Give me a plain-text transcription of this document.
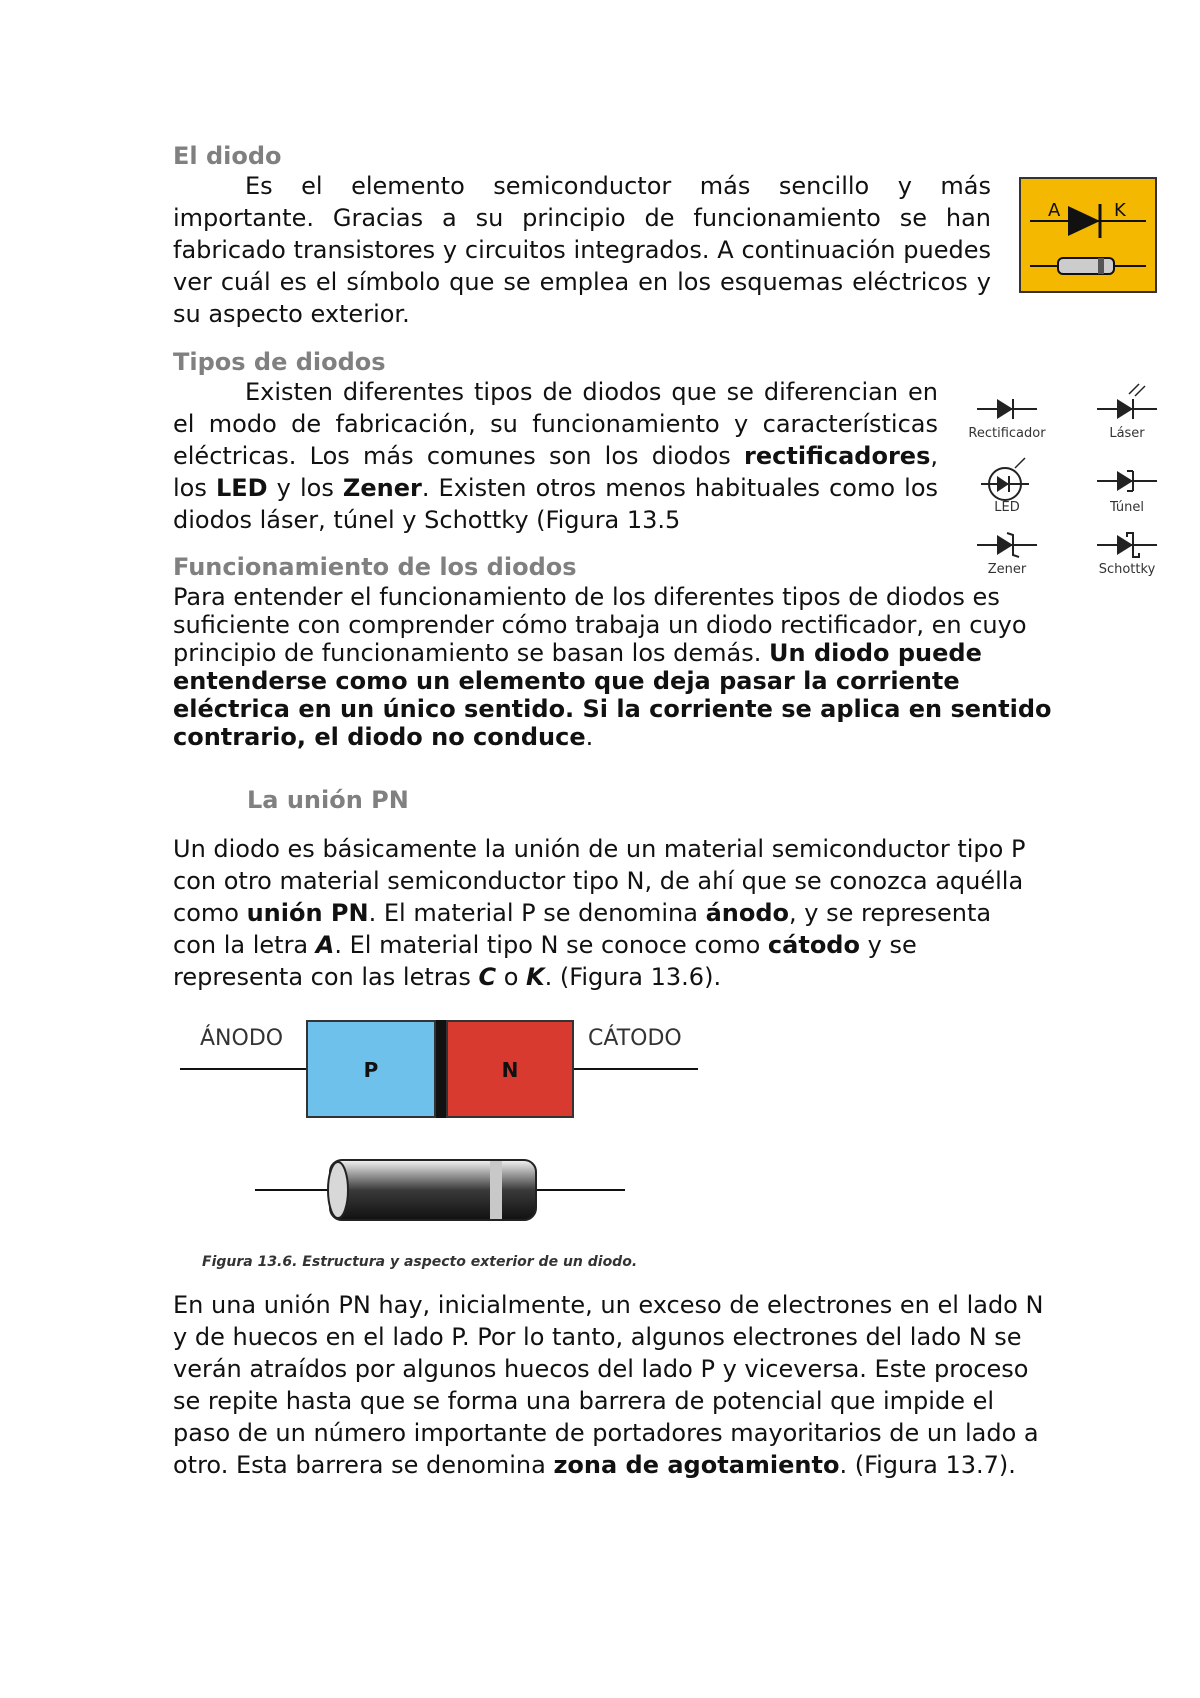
El diodo

Es el elemento semiconductor más sencillo y más importante. Gracias a su principio de funcionamiento se han fabricado transistores y circuitos integrados. A continuación puedes ver cuál es el símbolo que se emplea en los esquemas eléctricos y su aspecto exterior.

A	K
Tipos de diodos

Existen diferentes tipos de diodos que se diferencian en el modo de fabricación, su funcionamiento y características eléctricas. Los más comunes son los diodos rectificadores, los LED y los Zener. Existen otros menos habituales como los diodos láser, túnel y Schottky (Figura 13.5

Rectificador	Láser
LED	Túnel
Zener	Schottky
Funcionamiento de los diodos

Para entender el funcionamiento de los diferentes tipos de diodos es suficiente con comprender cómo trabaja un diodo rectificador, en cuyo principio de funcionamiento se basan los demás. Un diodo puede entenderse como un elemento que deja pasar la corriente eléctrica en un único sentido. Si la corriente se aplica en sentido contrario, el diodo no conduce.

La unión PN

Un diodo es básicamente la unión de un material semiconductor tipo P con otro material semiconductor tipo N, de ahí que se conozca aquélla como unión PN. El material P se denomina ánodo, y se representa con la letra A. El material tipo N se conoce como cátodo y se representa con las letras C o K. (Figura 13.6).

ÁNODO	CÁTODO
P	N
Figura 13.6. Estructura y aspecto exterior de un diodo.

En una unión PN hay, inicialmente, un exceso de electrones en el lado N y de huecos en el lado P. Por lo tanto, algunos electrones del lado N se verán atraídos por algunos huecos del lado P y viceversa. Este proceso se repite hasta que se forma una barrera de potencial que impide el paso de un número importante de portadores mayoritarios de un lado a otro. Esta barrera se denomina zona de agotamiento. (Figura 13.7).
